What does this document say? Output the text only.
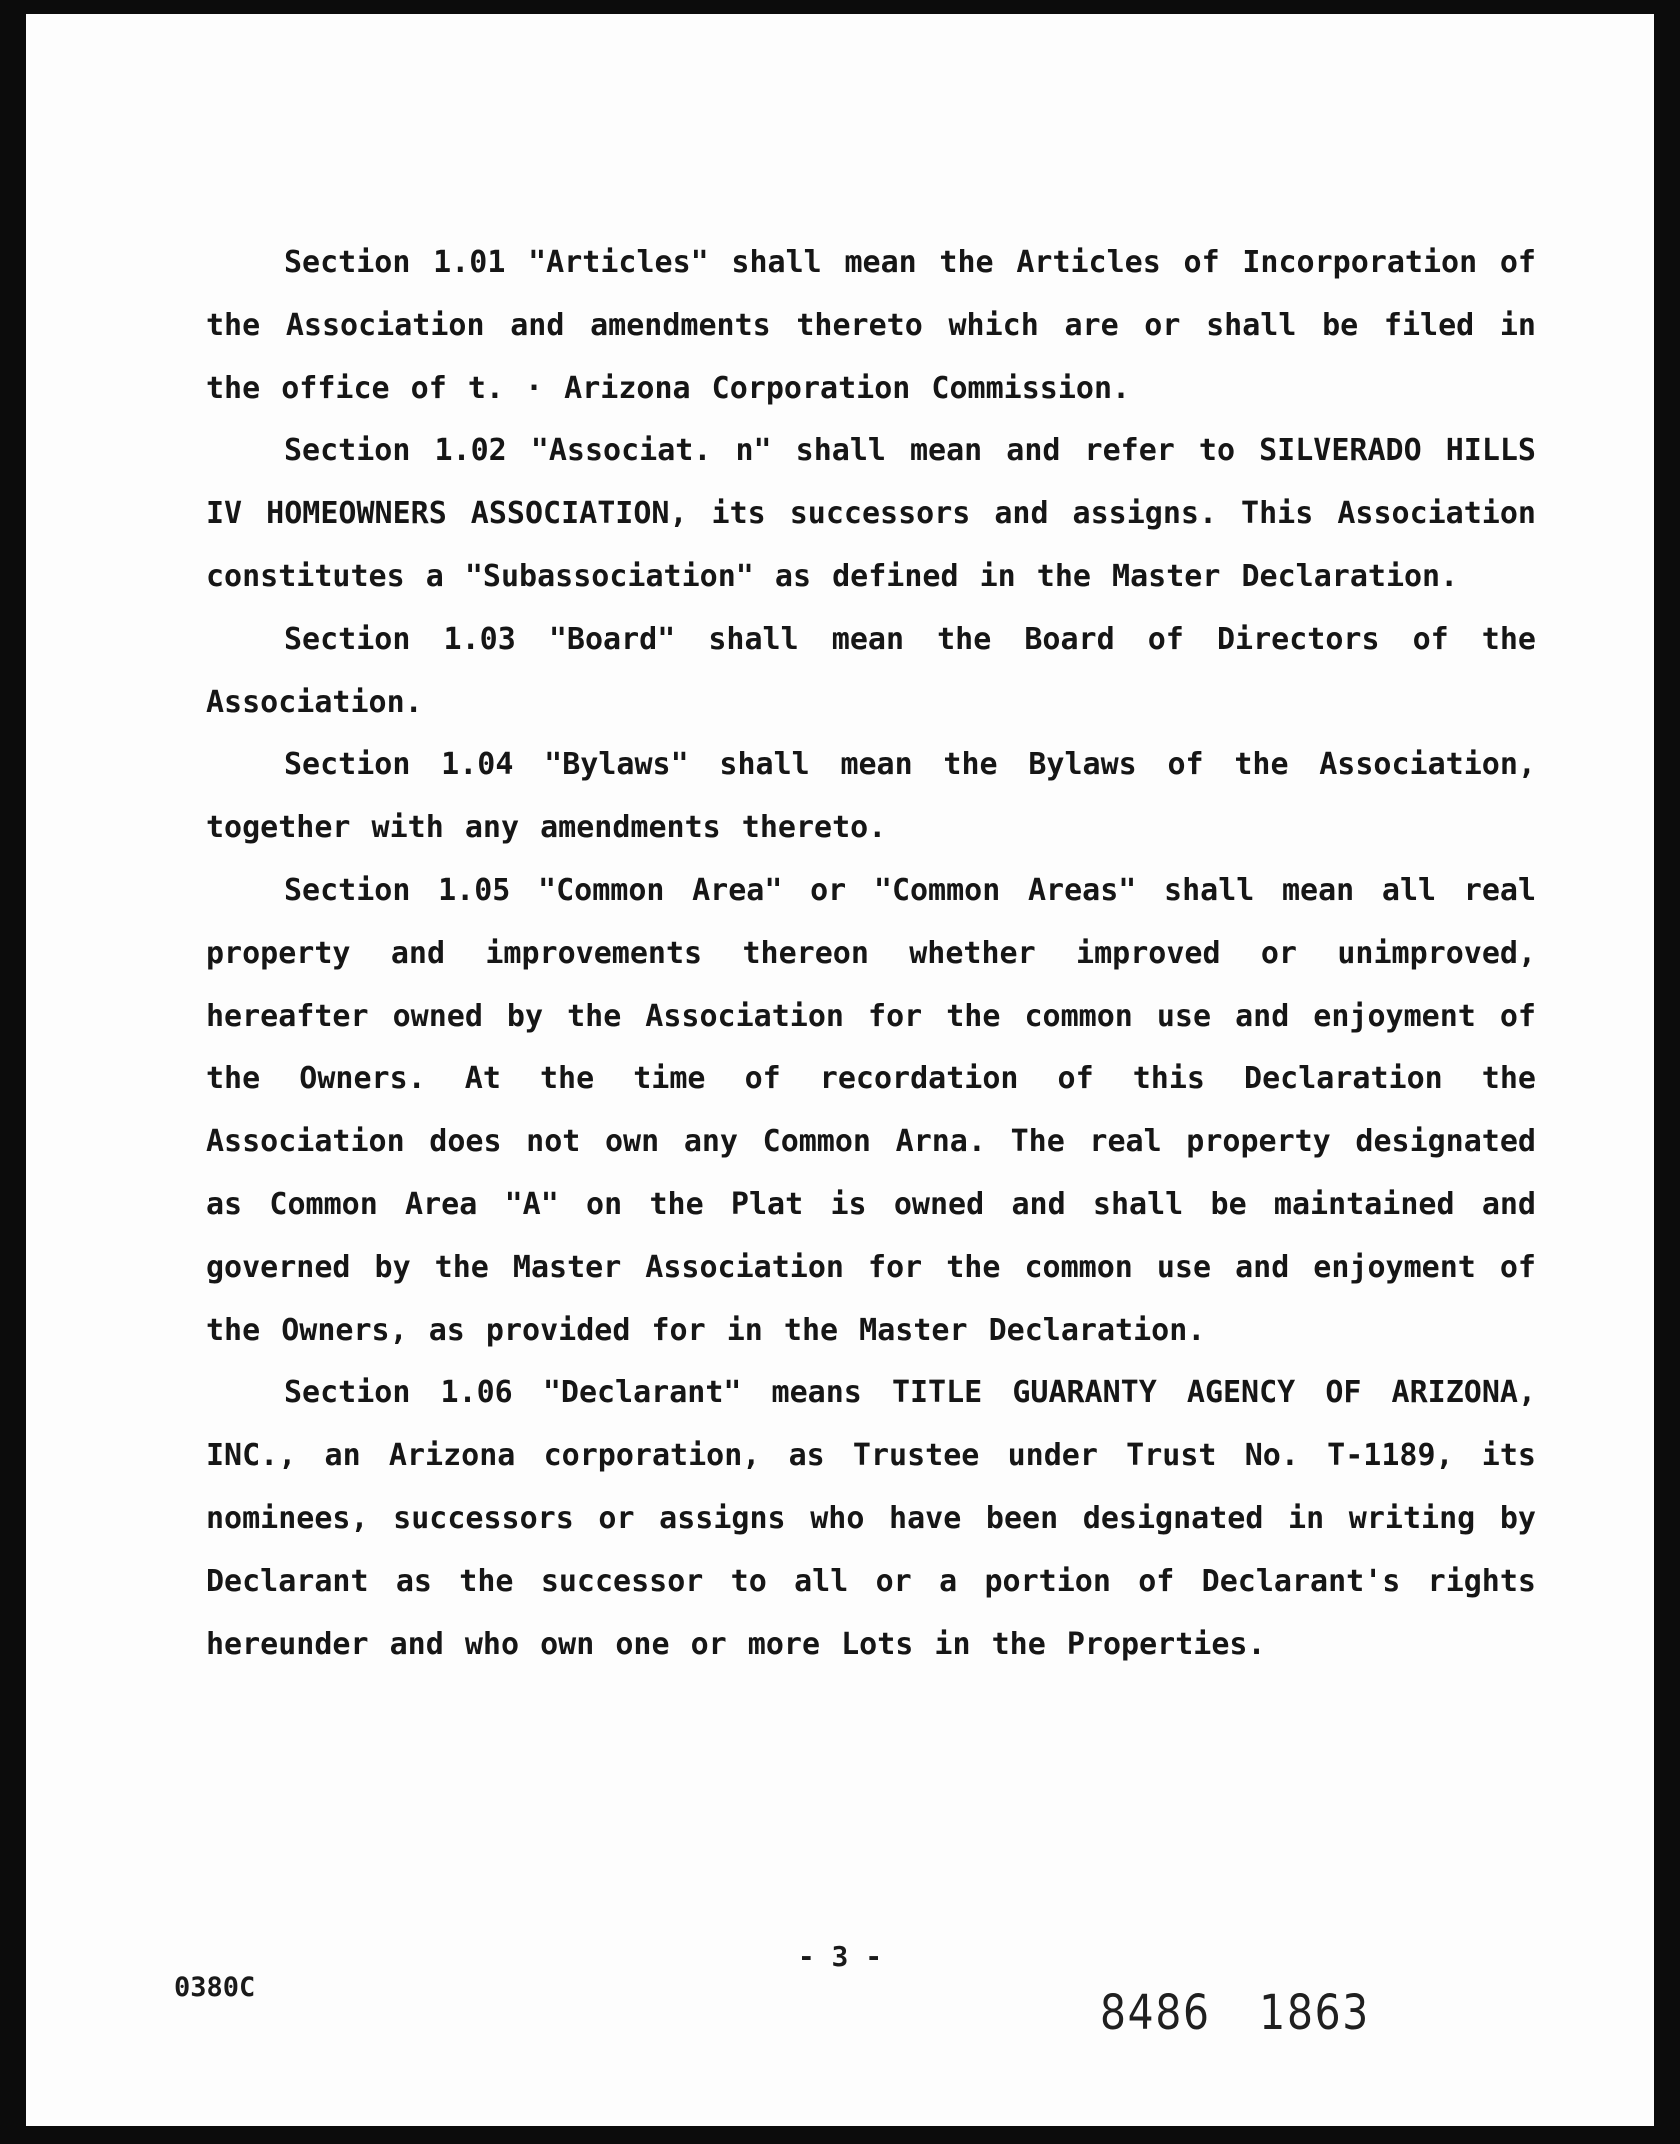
Section 1.01 "Articles" shall mean the Articles of Incorporation of the Association and amendments thereto which are or shall be filed in the office of t. · Arizona Corporation Commission.

Section 1.02 "Associat. n" shall mean and refer to SILVERADO HILLS IV HOMEOWNERS ASSOCIATION, its successors and assigns. This Association constitutes a "Subassociation" as defined in the Master Declaration.

Section 1.03 "Board" shall mean the Board of Directors of the Association.

Section 1.04 "Bylaws" shall mean the Bylaws of the Association, together with any amendments thereto.

Section 1.05 "Common Area" or "Common Areas" shall mean all real property and improvements thereon whether improved or unimproved, hereafter owned by the Association for the common use and enjoyment of the Owners. At the time of recordation of this Declaration the Association does not own any Common Arna. The real property designated as Common Area "A" on the Plat is owned and shall be maintained and governed by the Master Association for the common use and enjoyment of the Owners, as provided for in the Master Declaration.

Section 1.06 "Declarant" means TITLE GUARANTY AGENCY OF ARIZONA, INC., an Arizona corporation, as Trustee under Trust No. T-1189, its nominees, successors or assigns who have been designated in writing by Declarant as the successor to all or a portion of Declarant's rights hereunder and who own one or more Lots in the Properties.

- 3 -
0380C	8486 1863
